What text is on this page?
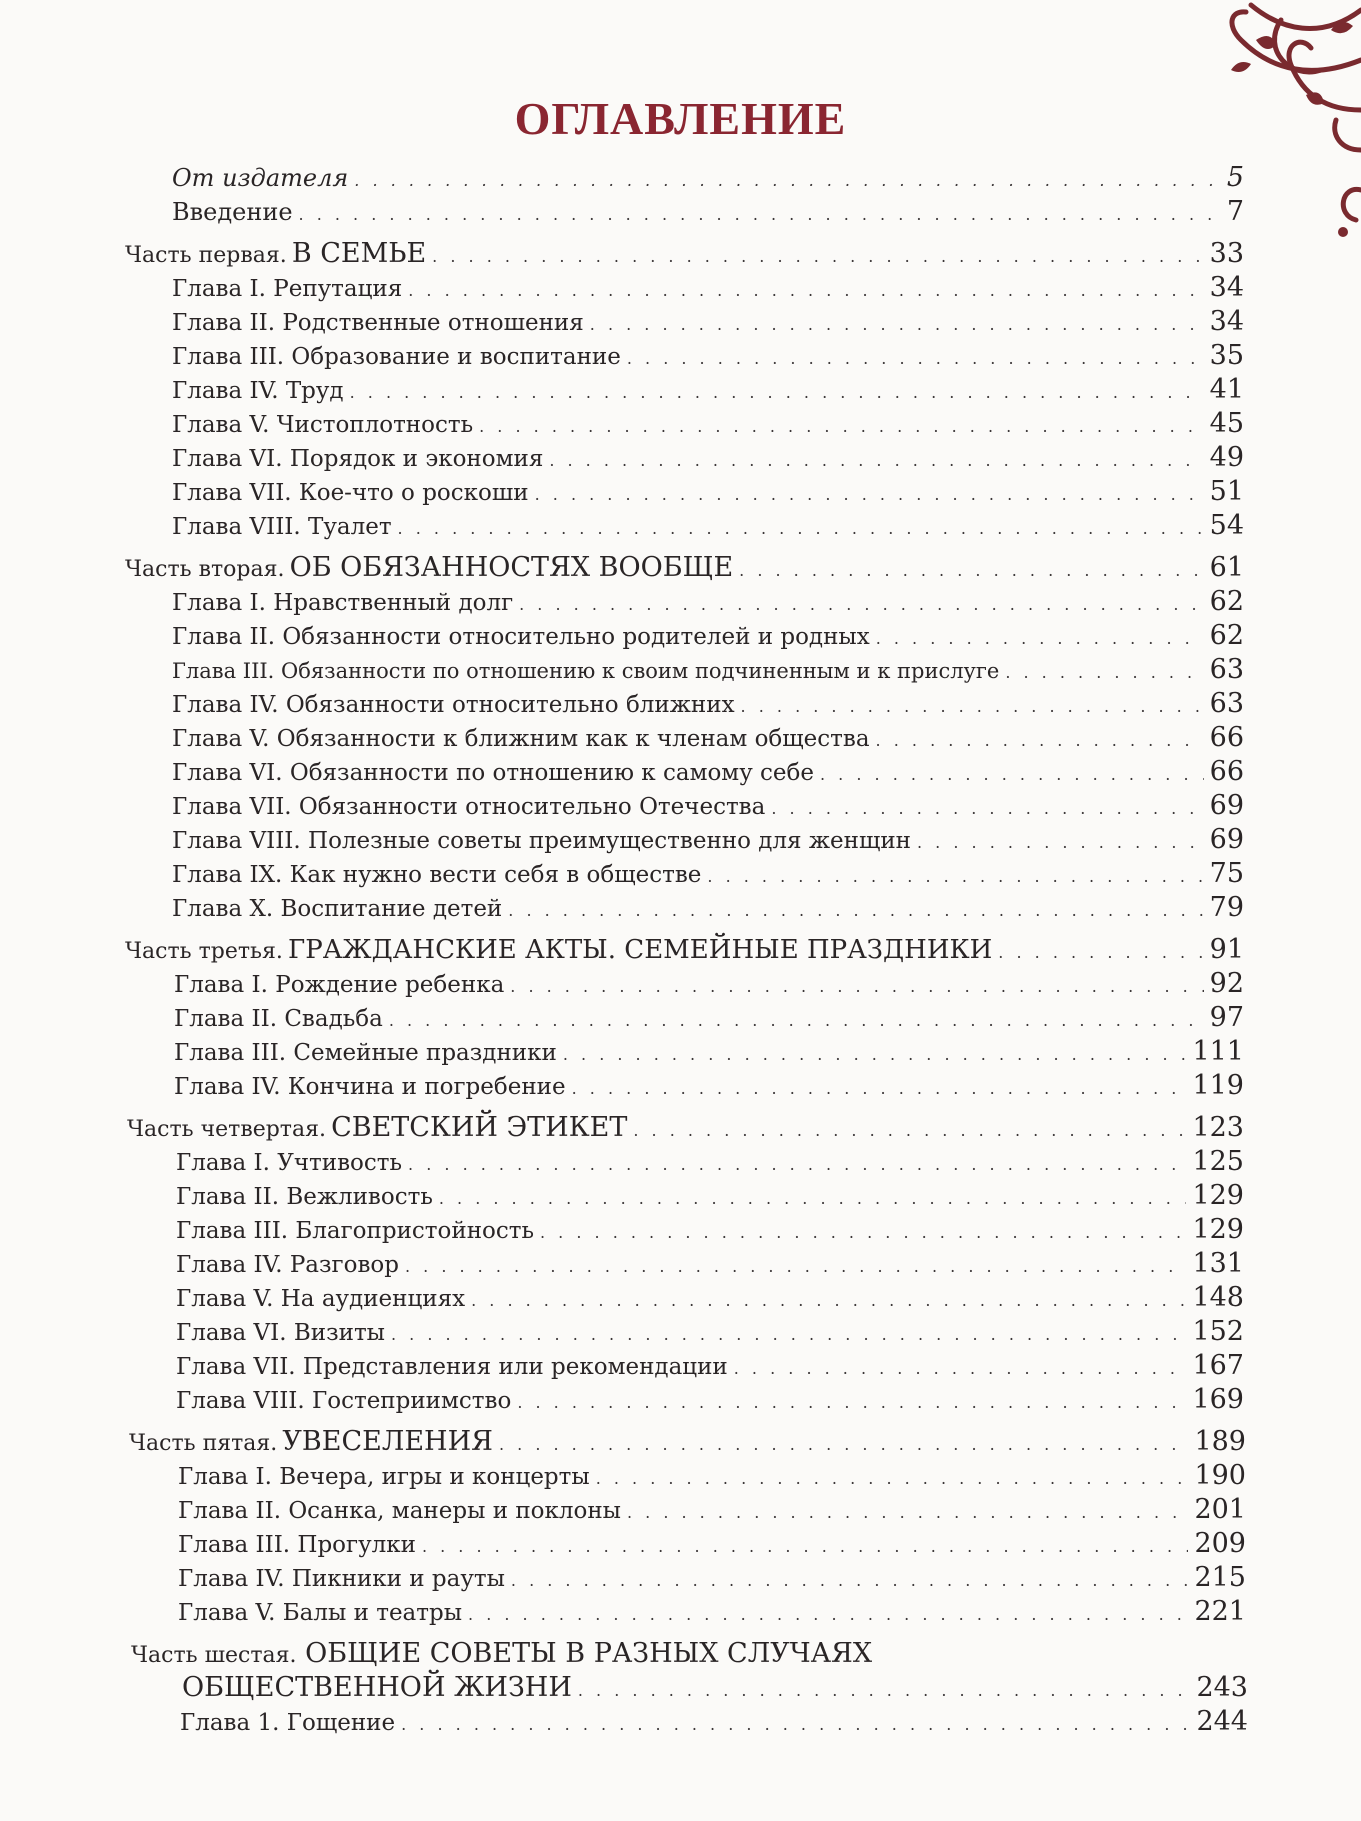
ОГЛАВЛЕНИЕ
От издателя . . .	5
Введение . . .	7
Часть первая. В СЕМЬЕ . . .	33
Глава I. Репутация . . .	34
Глава II. Родственные отношения . . .	34
Глава III. Образование и воспитание . . .	35
Глава IV. Труд . . .	41
Глава V. Чистоплотность . . .	45
Глава VI. Порядок и экономия . . .	49
Глава VII. Кое-что о роскоши . . .	51
Глава VIII. Туалет . . .	54
Часть вторая. ОБ ОБЯЗАННОСТЯХ ВООБЩЕ . . .	61
Глава I. Нравственный долг . . .	62
Глава II. Обязанности относительно родителей и родных . . .	62
Глава III. Обязанности по отношению к своим подчиненным и к прислуге . . .	63
Глава IV. Обязанности относительно ближних . . .	63
Глава V. Обязанности к ближним как к членам общества . . .	66
Глава VI. Обязанности по отношению к самому себе . . .	66
Глава VII. Обязанности относительно Отечества . . .	69
Глава VIII. Полезные советы преимущественно для женщин . . .	69
Глава IX. Как нужно вести себя в обществе . . .	75
Глава X. Воспитание детей . . .	79
Часть третья. ГРАЖДАНСКИЕ АКТЫ. СЕМЕЙНЫЕ ПРАЗДНИКИ . . .	91
Глава I. Рождение ребенка . . .	92
Глава II. Свадьба . . .	97
Глава III. Семейные праздники . . .	111
Глава IV. Кончина и погребение . . .	119
Часть четвертая. СВЕТСКИЙ ЭТИКЕТ . . .	123
Глава I. Учтивость . . .	125
Глава II. Вежливость . . .	129
Глава III. Благопристойность . . .	129
Глава IV. Разговор . . .	131
Глава V. На аудиенциях . . .	148
Глава VI. Визиты . . .	152
Глава VII. Представления или рекомендации . . .	167
Глава VIII. Гостеприимство . . .	169
Часть пятая. УВЕСЕЛЕНИЯ . . .	189
Глава I. Вечера, игры и концерты . . .	190
Глава II. Осанка, манеры и поклоны . . .	201
Глава III. Прогулки . . .	209
Глава IV. Пикники и рауты . . .	215
Глава V. Балы и театры . . .	221
Часть шестая. ОБЩИЕ СОВЕТЫ В РАЗНЫХ СЛУЧАЯХ
ОБЩЕСТВЕННОЙ ЖИЗНИ . . .	243
Глава 1. Гощение . . .	244
